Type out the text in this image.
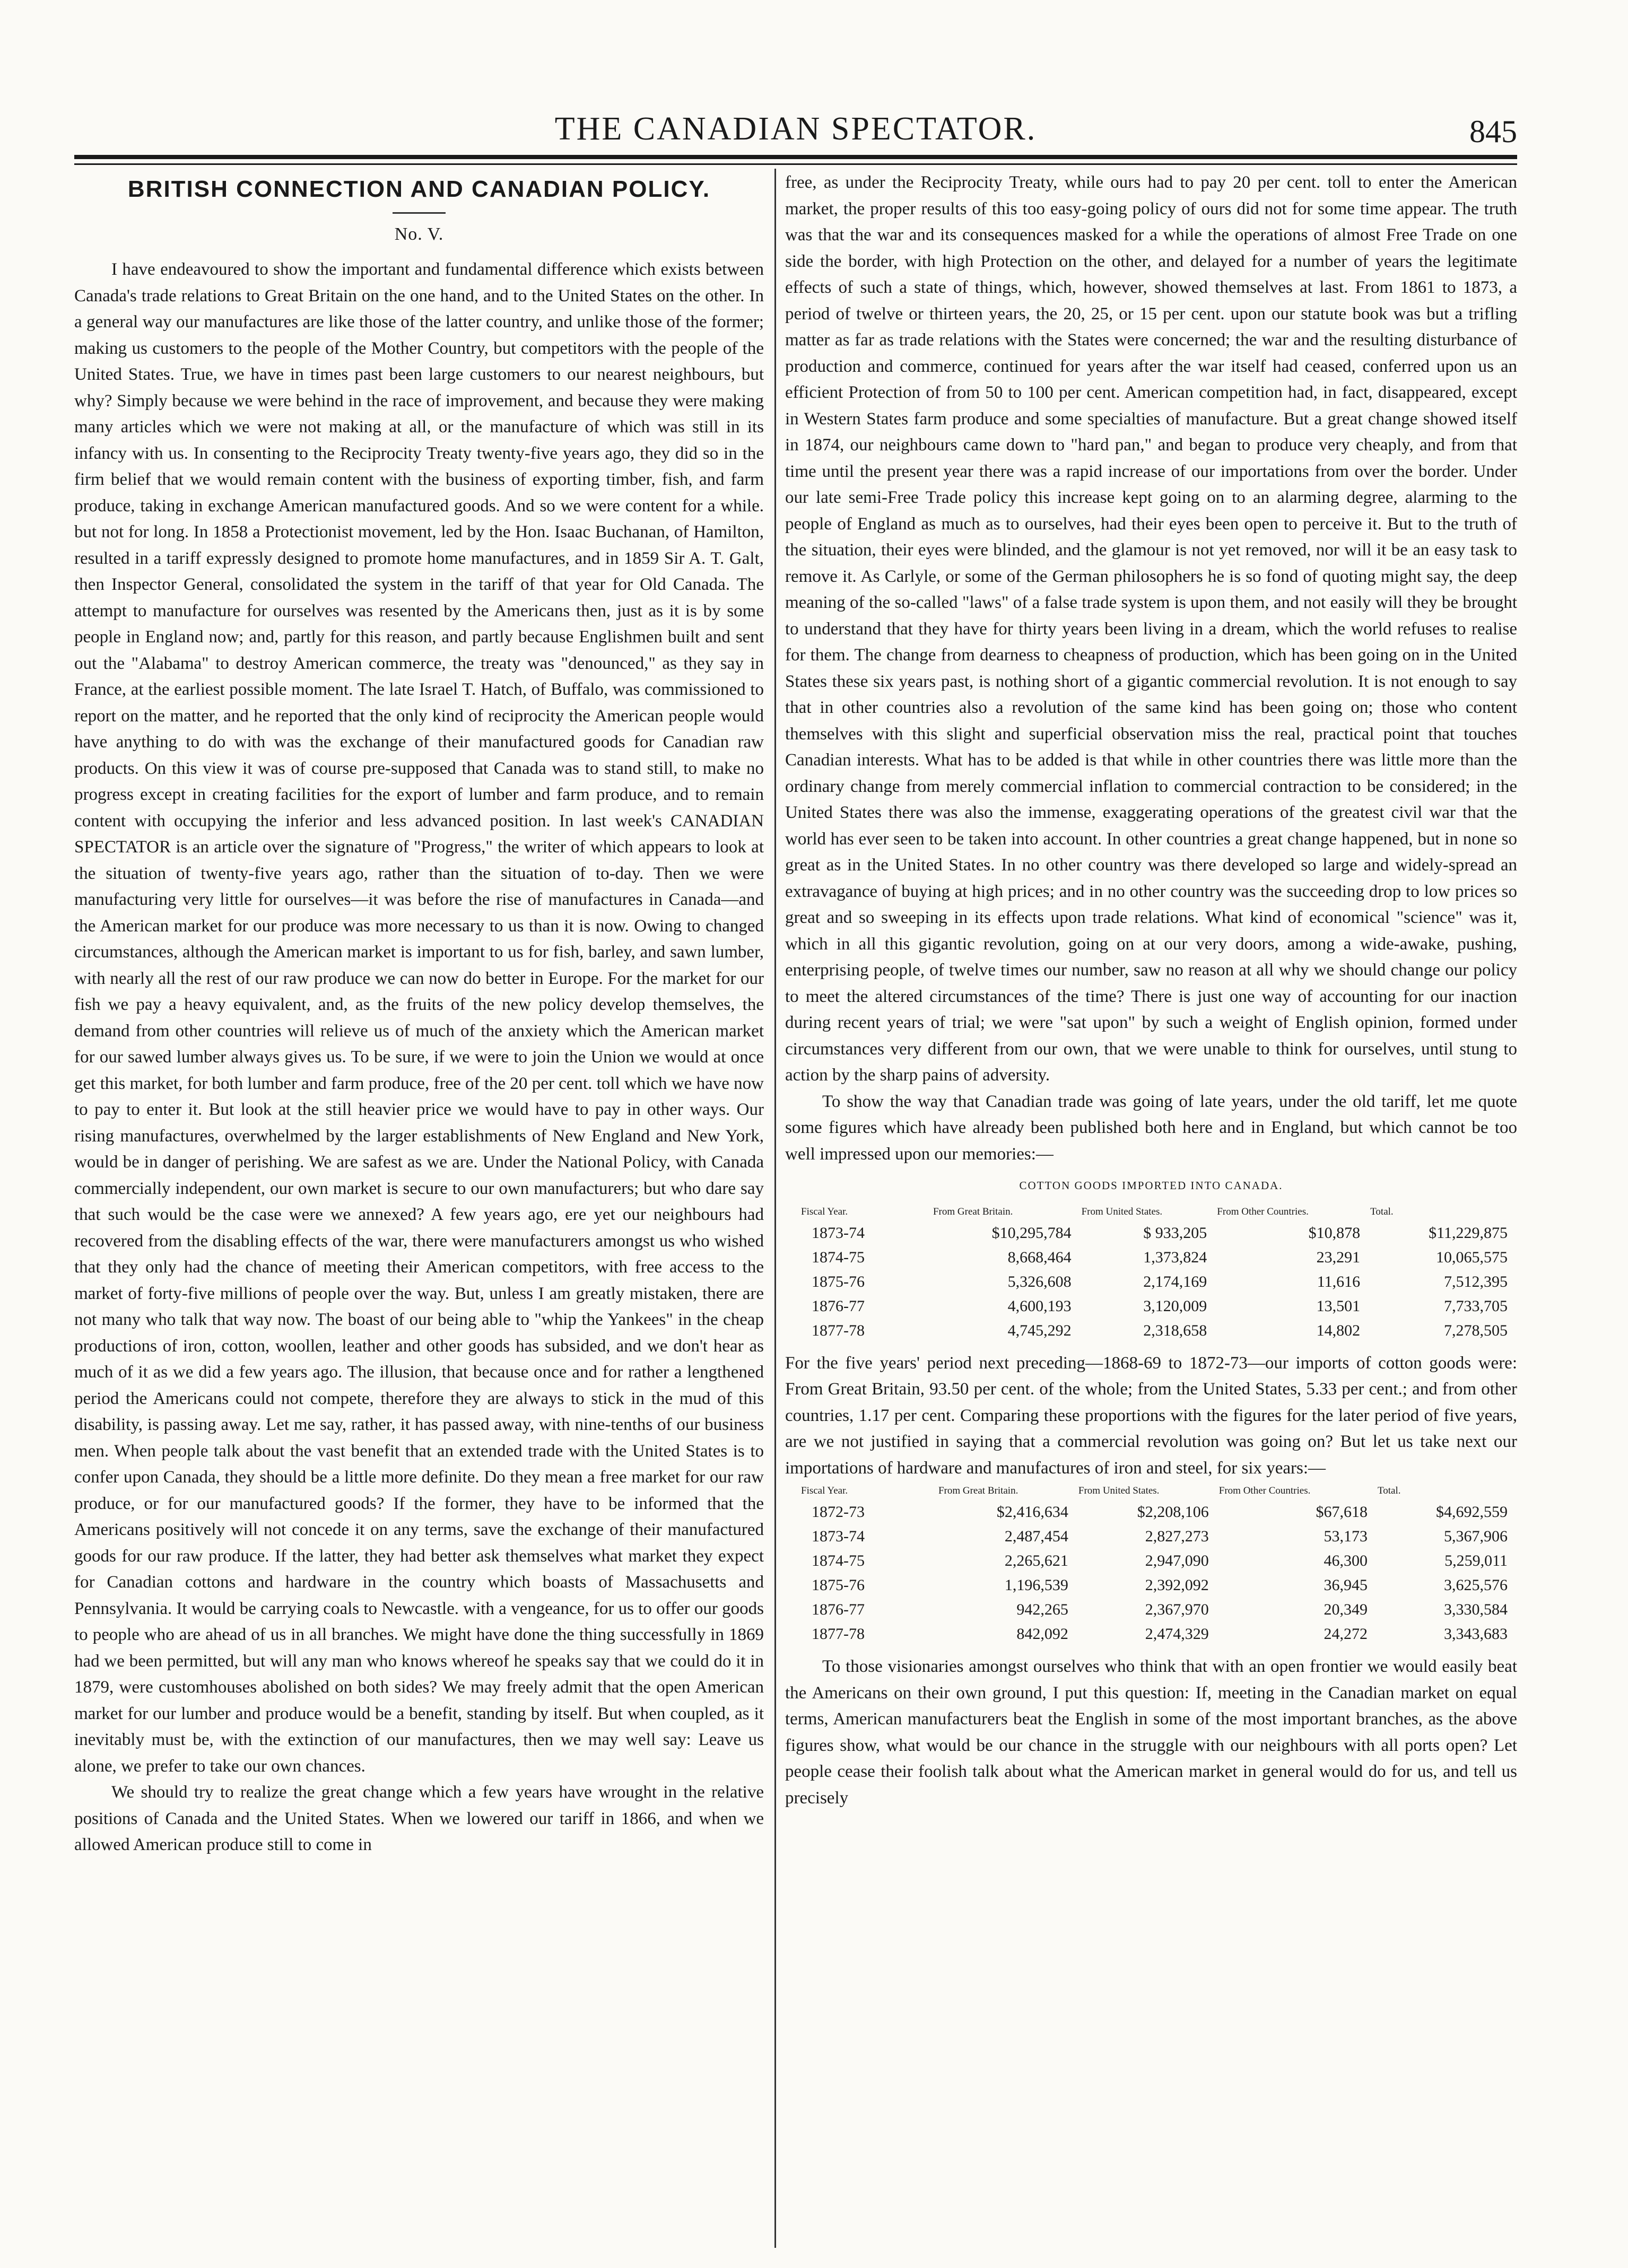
THE CANADIAN SPECTATOR.	845
BRITISH CONNECTION AND CANADIAN POLICY.
No. V.

I have endeavoured to show the important and fundamental difference which exists between Canada's trade relations to Great Britain on the one hand, and to the United States on the other. In a general way our manufactures are like those of the latter country, and unlike those of the former; making us customers to the people of the Mother Country, but competitors with the people of the United States. True, we have in times past been large customers to our nearest neighbours, but why? Simply because we were behind in the race of improvement, and because they were making many articles which we were not making at all, or the manufacture of which was still in its infancy with us. In consenting to the Reciprocity Treaty twenty-five years ago, they did so in the firm belief that we would remain content with the business of exporting timber, fish, and farm produce, taking in exchange American manufactured goods. And so we were content for a while. but not for long. In 1858 a Protectionist movement, led by the Hon. Isaac Buchanan, of Hamilton, resulted in a tariff expressly designed to promote home manufactures, and in 1859 Sir A. T. Galt, then Inspector General, consolidated the system in the tariff of that year for Old Canada. The attempt to manufacture for ourselves was resented by the Americans then, just as it is by some people in England now; and, partly for this reason, and partly because Englishmen built and sent out the "Alabama" to destroy American commerce, the treaty was "denounced," as they say in France, at the earliest possible moment. The late Israel T. Hatch, of Buffalo, was commissioned to report on the matter, and he reported that the only kind of reciprocity the American people would have anything to do with was the exchange of their manufactured goods for Canadian raw products. On this view it was of course pre-supposed that Canada was to stand still, to make no progress except in creating facilities for the export of lumber and farm produce, and to remain content with occupying the inferior and less advanced position. In last week's CANADIAN SPECTATOR is an article over the signature of "Progress," the writer of which appears to look at the situation of twenty-five years ago, rather than the situation of to-day. Then we were manufacturing very little for ourselves—it was before the rise of manufactures in Canada—and the American market for our produce was more necessary to us than it is now. Owing to changed circumstances, although the American market is important to us for fish, barley, and sawn lumber, with nearly all the rest of our raw produce we can now do better in Europe. For the market for our fish we pay a heavy equivalent, and, as the fruits of the new policy develop themselves, the demand from other countries will relieve us of much of the anxiety which the American market for our sawed lumber always gives us. To be sure, if we were to join the Union we would at once get this market, for both lumber and farm produce, free of the 20 per cent. toll which we have now to pay to enter it. But look at the still heavier price we would have to pay in other ways. Our rising manufactures, overwhelmed by the larger establishments of New England and New York, would be in danger of perishing. We are safest as we are. Under the National Policy, with Canada commercially independent, our own market is secure to our own manufacturers; but who dare say that such would be the case were we annexed? A few years ago, ere yet our neighbours had recovered from the disabling effects of the war, there were manufacturers amongst us who wished that they only had the chance of meeting their American competitors, with free access to the market of forty-five millions of people over the way. But, unless I am greatly mistaken, there are not many who talk that way now. The boast of our being able to "whip the Yankees" in the cheap productions of iron, cotton, woollen, leather and other goods has subsided, and we don't hear as much of it as we did a few years ago. The illusion, that because once and for rather a lengthened period the Americans could not compete, therefore they are always to stick in the mud of this disability, is passing away. Let me say, rather, it has passed away, with nine-tenths of our business men. When people talk about the vast benefit that an extended trade with the United States is to confer upon Canada, they should be a little more definite. Do they mean a free market for our raw produce, or for our manufactured goods? If the former, they have to be informed that the Americans positively will not concede it on any terms, save the exchange of their manufactured goods for our raw produce. If the latter, they had better ask themselves what market they expect for Canadian cottons and hardware in the country which boasts of Massachusetts and Pennsylvania. It would be carrying coals to Newcastle. with a vengeance, for us to offer our goods to people who are ahead of us in all branches. We might have done the thing successfully in 1869 had we been permitted, but will any man who knows whereof he speaks say that we could do it in 1879, were customhouses abolished on both sides? We may freely admit that the open American market for our lumber and produce would be a benefit, standing by itself. But when coupled, as it inevitably must be, with the extinction of our manufactures, then we may well say: Leave us alone, we prefer to take our own chances.

We should try to realize the great change which a few years have wrought in the relative positions of Canada and the United States. When we lowered our tariff in 1866, and when we allowed American produce still to come in

free, as under the Reciprocity Treaty, while ours had to pay 20 per cent. toll to enter the American market, the proper results of this too easy-going policy of ours did not for some time appear. The truth was that the war and its consequences masked for a while the operations of almost Free Trade on one side the border, with high Protection on the other, and delayed for a number of years the legitimate effects of such a state of things, which, however, showed themselves at last. From 1861 to 1873, a period of twelve or thirteen years, the 20, 25, or 15 per cent. upon our statute book was but a trifling matter as far as trade relations with the States were concerned; the war and the resulting disturbance of production and commerce, continued for years after the war itself had ceased, conferred upon us an efficient Protection of from 50 to 100 per cent. American competition had, in fact, disappeared, except in Western States farm produce and some specialties of manufacture. But a great change showed itself in 1874, our neighbours came down to "hard pan," and began to produce very cheaply, and from that time until the present year there was a rapid increase of our importations from over the border. Under our late semi-Free Trade policy this increase kept going on to an alarming degree, alarming to the people of England as much as to ourselves, had their eyes been open to perceive it. But to the truth of the situation, their eyes were blinded, and the glamour is not yet removed, nor will it be an easy task to remove it. As Carlyle, or some of the German philosophers he is so fond of quoting might say, the deep meaning of the so-called "laws" of a false trade system is upon them, and not easily will they be brought to understand that they have for thirty years been living in a dream, which the world refuses to realise for them. The change from dearness to cheapness of production, which has been going on in the United States these six years past, is nothing short of a gigantic commercial revolution. It is not enough to say that in other countries also a revolution of the same kind has been going on; those who content themselves with this slight and superficial observation miss the real, practical point that touches Canadian interests. What has to be added is that while in other countries there was little more than the ordinary change from merely commercial inflation to commercial contraction to be considered; in the United States there was also the immense, exaggerating operations of the greatest civil war that the world has ever seen to be taken into account. In other countries a great change happened, but in none so great as in the United States. In no other country was there developed so large and widely-spread an extravagance of buying at high prices; and in no other country was the succeeding drop to low prices so great and so sweeping in its effects upon trade relations. What kind of economical "science" was it, which in all this gigantic revolution, going on at our very doors, among a wide-awake, pushing, enterprising people, of twelve times our number, saw no reason at all why we should change our policy to meet the altered circumstances of the time? There is just one way of accounting for our inaction during recent years of trial; we were "sat upon" by such a weight of English opinion, formed under circumstances very different from our own, that we were unable to think for ourselves, until stung to action by the sharp pains of adversity.

To show the way that Canadian trade was going of late years, under the old tariff, let me quote some figures which have already been published both here and in England, but which cannot be too well impressed upon our memories:—

COTTON GOODS IMPORTED INTO CANADA.
Fiscal Year.	From Great Britain.	From United States.	From Other Countries.	Total.
1873-74	$10,295,784	$ 933,205	$10,878	$11,229,875
1874-75	8,668,464	1,373,824	23,291	10,065,575
1875-76	5,326,608	2,174,169	11,616	7,512,395
1876-77	4,600,193	3,120,009	13,501	7,733,705
1877-78	4,745,292	2,318,658	14,802	7,278,505

For the five years' period next preceding—1868-69 to 1872-73—our imports of cotton goods were: From Great Britain, 93.50 per cent. of the whole; from the United States, 5.33 per cent.; and from other countries, 1.17 per cent. Comparing these proportions with the figures for the later period of five years, are we not justified in saying that a commercial revolution was going on? But let us take next our importations of hardware and manufactures of iron and steel, for six years:—

Fiscal Year.	From Great Britain.	From United States.	From Other Countries.	Total.
1872-73	$2,416,634	$2,208,106	$67,618	$4,692,559
1873-74	2,487,454	2,827,273	53,173	5,367,906
1874-75	2,265,621	2,947,090	46,300	5,259,011
1875-76	1,196,539	2,392,092	36,945	3,625,576
1876-77	942,265	2,367,970	20,349	3,330,584
1877-78	842,092	2,474,329	24,272	3,343,683

To those visionaries amongst ourselves who think that with an open frontier we would easily beat the Americans on their own ground, I put this question: If, meeting in the Canadian market on equal terms, American manufacturers beat the English in some of the most important branches, as the above figures show, what would be our chance in the struggle with our neighbours with all ports open? Let people cease their foolish talk about what the American market in general would do for us, and tell us precisely
